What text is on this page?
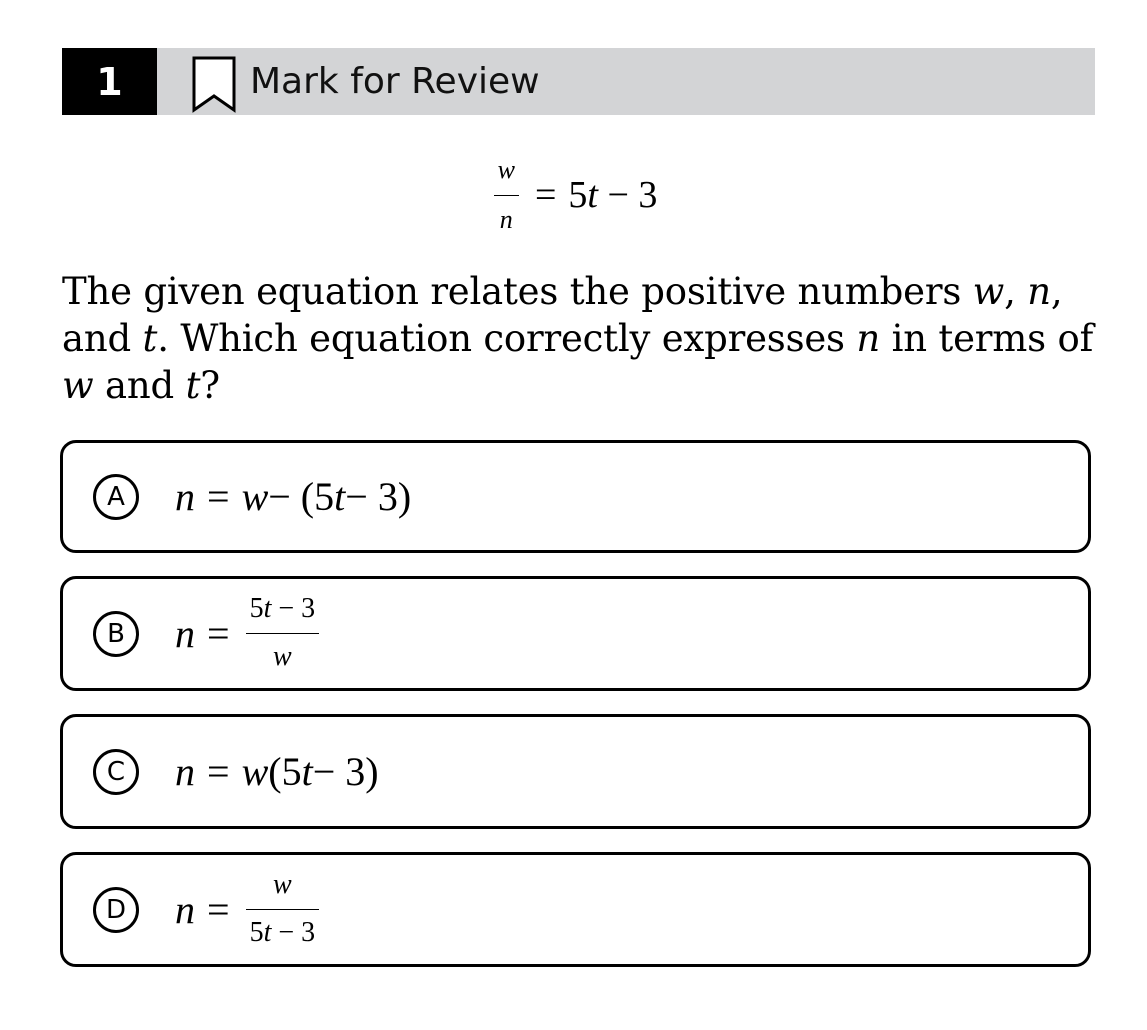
1	Mark for Review
$\frac{w}{n} = 5t - 3$
The given equation relates the positive numbers w, n, and t. Which equation correctly expresses n in terms of w and t?
A	n = w − (5 t − 3)
B	$n = \frac{5t - 3}{w}$
C	n = w (5 t − 3)
D	$n = \frac{w}{5t - 3}$
